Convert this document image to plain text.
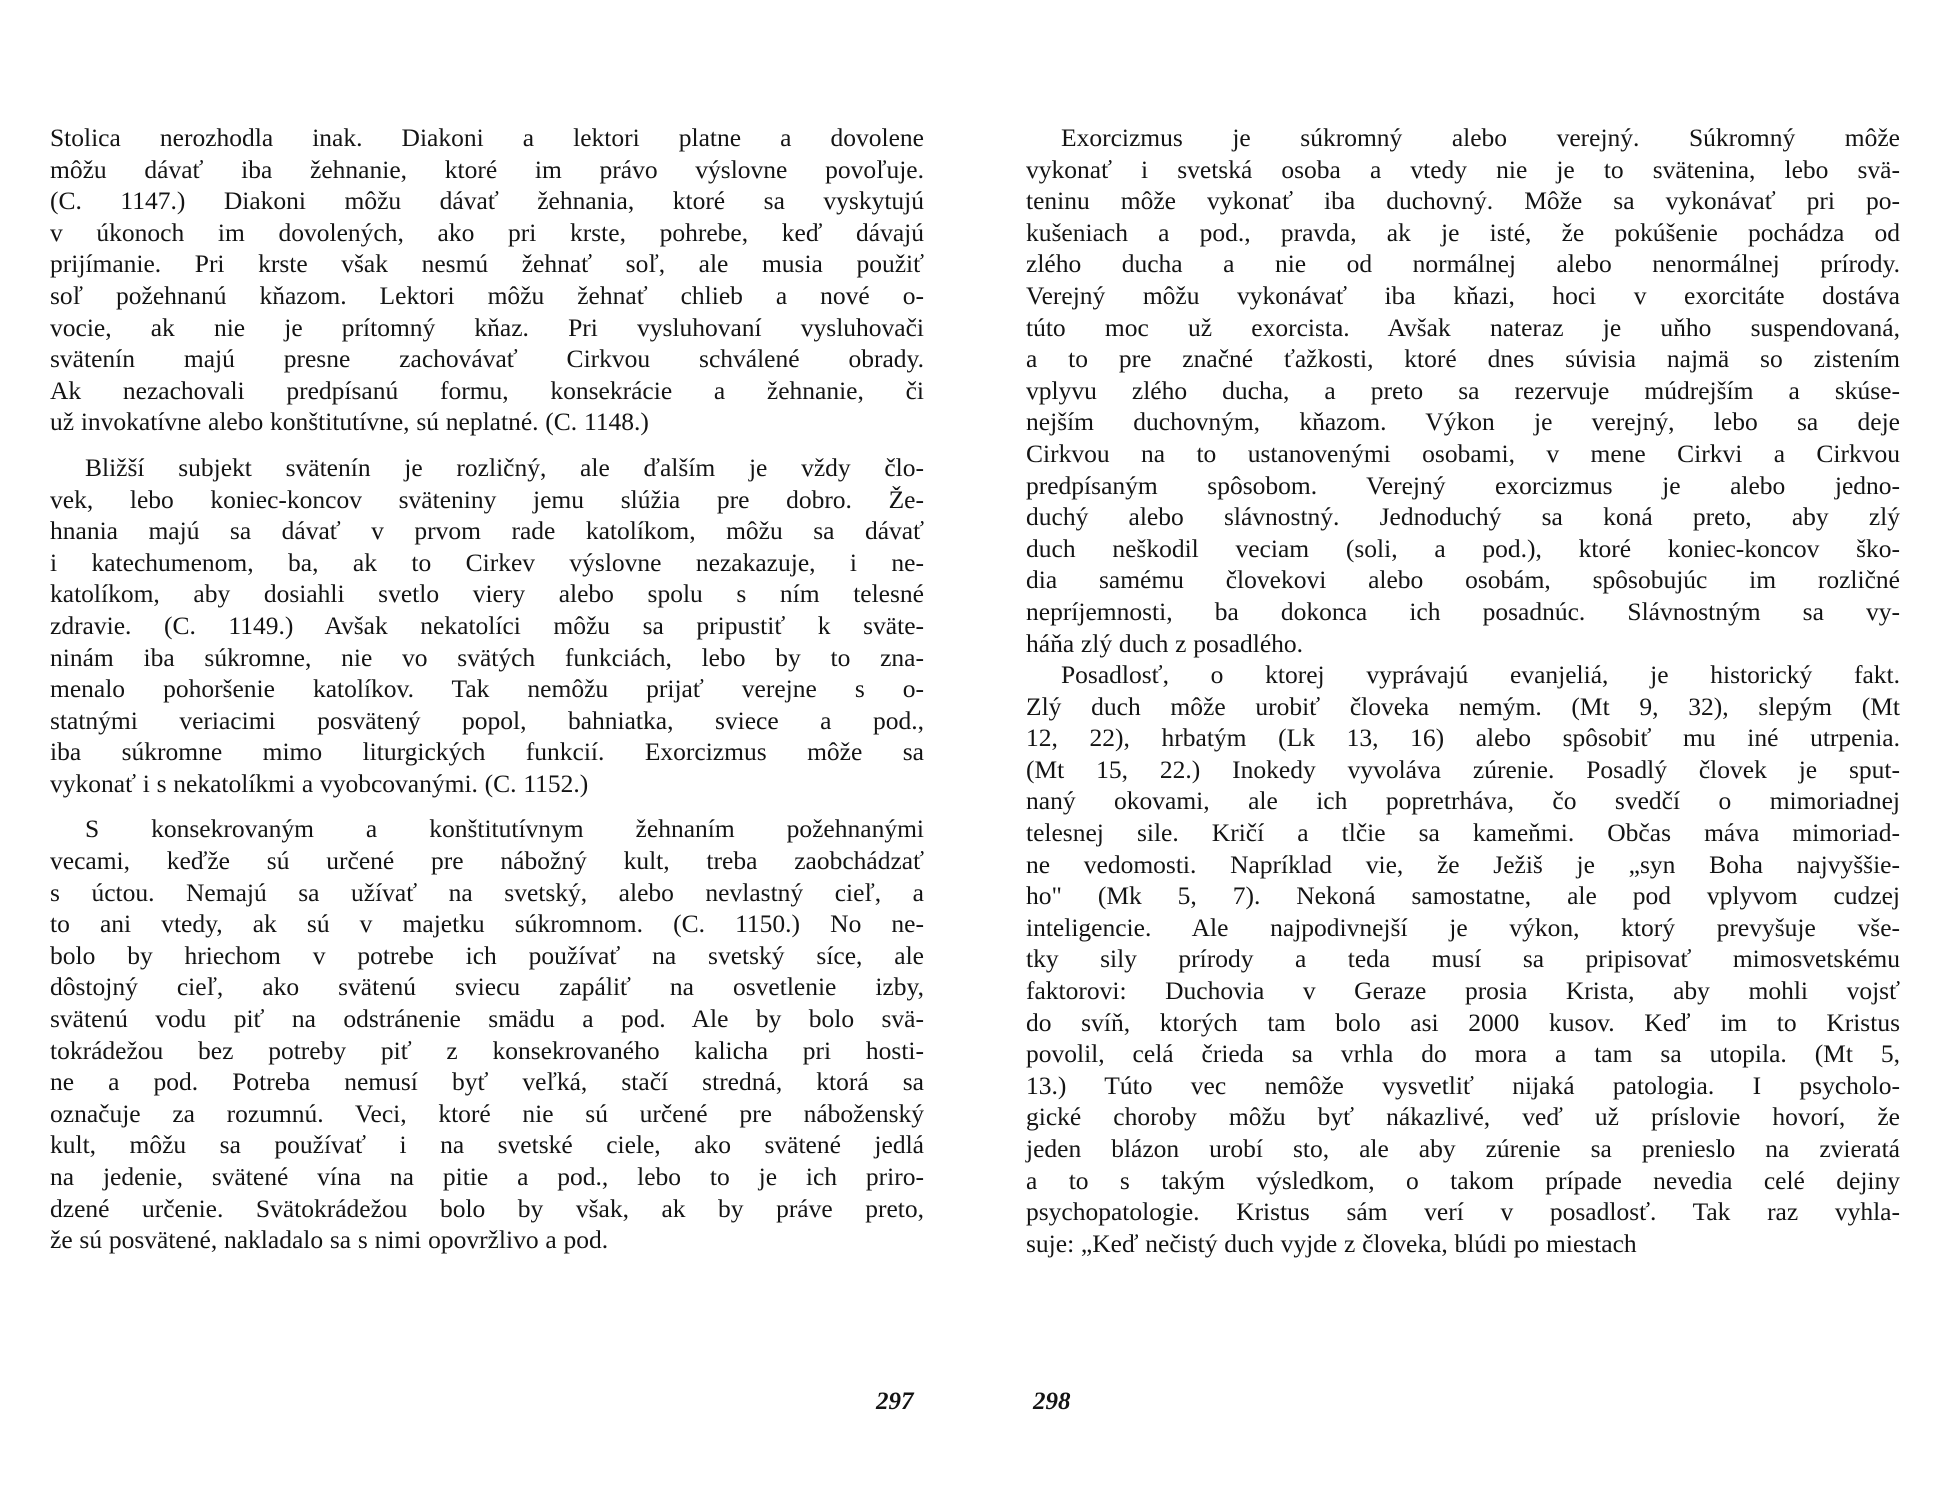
Stolica nerozhodla inak. Diakoni a lektori platne a dovolene
môžu dávať iba žehnanie, ktoré im právo výslovne povoľuje.
(C. 1147.) Diakoni môžu dávať žehnania, ktoré sa vyskytujú
v úkonoch im dovolených, ako pri krste, pohrebe, keď dávajú
prijímanie. Pri krste však nesmú žehnať soľ, ale musia použiť
soľ požehnanú kňazom. Lektori môžu žehnať chlieb a nové o-
vocie, ak nie je prítomný kňaz. Pri vysluhovaní vysluhovači
svätenín majú presne zachovávať Cirkvou schválené obrady.
Ak nezachovali predpísanú formu, konsekrácie a žehnanie, či
už invokatívne alebo konštitutívne, sú neplatné. (C. 1148.)
Bližší subjekt svätenín je rozličný, ale ďalším je vždy člo-
vek, lebo koniec-koncov sväteniny jemu slúžia pre dobro. Že-
hnania majú sa dávať v prvom rade katolíkom, môžu sa dávať
i katechumenom, ba, ak to Cirkev výslovne nezakazuje, i ne-
katolíkom, aby dosiahli svetlo viery alebo spolu s ním telesné
zdravie. (C. 1149.) Avšak nekatolíci môžu sa pripustiť k sväte-
ninám iba súkromne, nie vo svätých funkciách, lebo by to zna-
menalo pohoršenie katolíkov. Tak nemôžu prijať verejne s o-
statnými veriacimi posvätený popol, bahniatka, sviece a pod.,
iba súkromne mimo liturgických funkcií. Exorcizmus môže sa
vykonať i s nekatolíkmi a vyobcovanými. (C. 1152.)
S konsekrovaným a konštitutívnym žehnaním požehnanými
vecami, keďže sú určené pre nábožný kult, treba zaobchádzať
s úctou. Nemajú sa užívať na svetský, alebo nevlastný cieľ, a
to ani vtedy, ak sú v majetku súkromnom. (C. 1150.) No ne-
bolo by hriechom v potrebe ich používať na svetský síce, ale
dôstojný cieľ, ako svätenú sviecu zapáliť na osvetlenie izby,
svätenú vodu piť na odstránenie smädu a pod. Ale by bolo svä-
tokrádežou bez potreby piť z konsekrovaného kalicha pri hosti-
ne a pod. Potreba nemusí byť veľká, stačí stredná, ktorá sa
označuje za rozumnú. Veci, ktoré nie sú určené pre náboženský
kult, môžu sa používať i na svetské ciele, ako svätené jedlá
na jedenie, svätené vína na pitie a pod., lebo to je ich priro-
dzené určenie. Svätokrádežou bolo by však, ak by práve preto,
že sú posvätené, nakladalo sa s nimi opovržlivo a pod.
297
Exorcizmus je súkromný alebo verejný. Súkromný môže
vykonať i svetská osoba a vtedy nie je to svätenina, lebo svä-
teninu môže vykonať iba duchovný. Môže sa vykonávať pri po-
kušeniach a pod., pravda, ak je isté, že pokúšenie pochádza od
zlého ducha a nie od normálnej alebo nenormálnej prírody.
Verejný môžu vykonávať iba kňazi, hoci v exorcitáte dostáva
túto moc už exorcista. Avšak nateraz je uňho suspendovaná,
a to pre značné ťažkosti, ktoré dnes súvisia najmä so zistením
vplyvu zlého ducha, a preto sa rezervuje múdrejším a skúse-
nejším duchovným, kňazom. Výkon je verejný, lebo sa deje
Cirkvou na to ustanovenými osobami, v mene Cirkvi a Cirkvou
predpísaným spôsobom. Verejný exorcizmus je alebo jedno-
duchý alebo slávnostný. Jednoduchý sa koná preto, aby zlý
duch neškodil veciam (soli, a pod.), ktoré koniec-koncov ško-
dia samému človekovi alebo osobám, spôsobujúc im rozličné
nepríjemnosti, ba dokonca ich posadnúc. Slávnostným sa vy-
háňa zlý duch z posadlého.
Posadlosť, o ktorej vyprávajú evanjeliá, je historický fakt.
Zlý duch môže urobiť človeka nemým. (Mt 9, 32), slepým (Mt
12, 22), hrbatým (Lk 13, 16) alebo spôsobiť mu iné utrpenia.
(Mt 15, 22.) Inokedy vyvoláva zúrenie. Posadlý človek je sput-
naný okovami, ale ich popretrháva, čo svedčí o mimoriadnej
telesnej sile. Kričí a tlčie sa kameňmi. Občas máva mimoriad-
ne vedomosti. Napríklad vie, že Ježiš je „syn Boha najvyššie-
ho" (Mk 5, 7). Nekoná samostatne, ale pod vplyvom cudzej
inteligencie. Ale najpodivnejší je výkon, ktorý prevyšuje vše-
tky sily prírody a teda musí sa pripisovať mimosvetskému
faktorovi: Duchovia v Geraze prosia Krista, aby mohli vojsť
do svíň, ktorých tam bolo asi 2000 kusov. Keď im to Kristus
povolil, celá črieda sa vrhla do mora a tam sa utopila. (Mt 5,
13.) Túto vec nemôže vysvetliť nijaká patologia. I psycholo-
gické choroby môžu byť nákazlivé, veď už príslovie hovorí, že
jeden blázon urobí sto, ale aby zúrenie sa prenieslo na zvieratá
a to s takým výsledkom, o takom prípade nevedia celé dejiny
psychopatologie. Kristus sám verí v posadlosť. Tak raz vyhla-
suje: „Keď nečistý duch vyjde z človeka, blúdi po miestach
298
